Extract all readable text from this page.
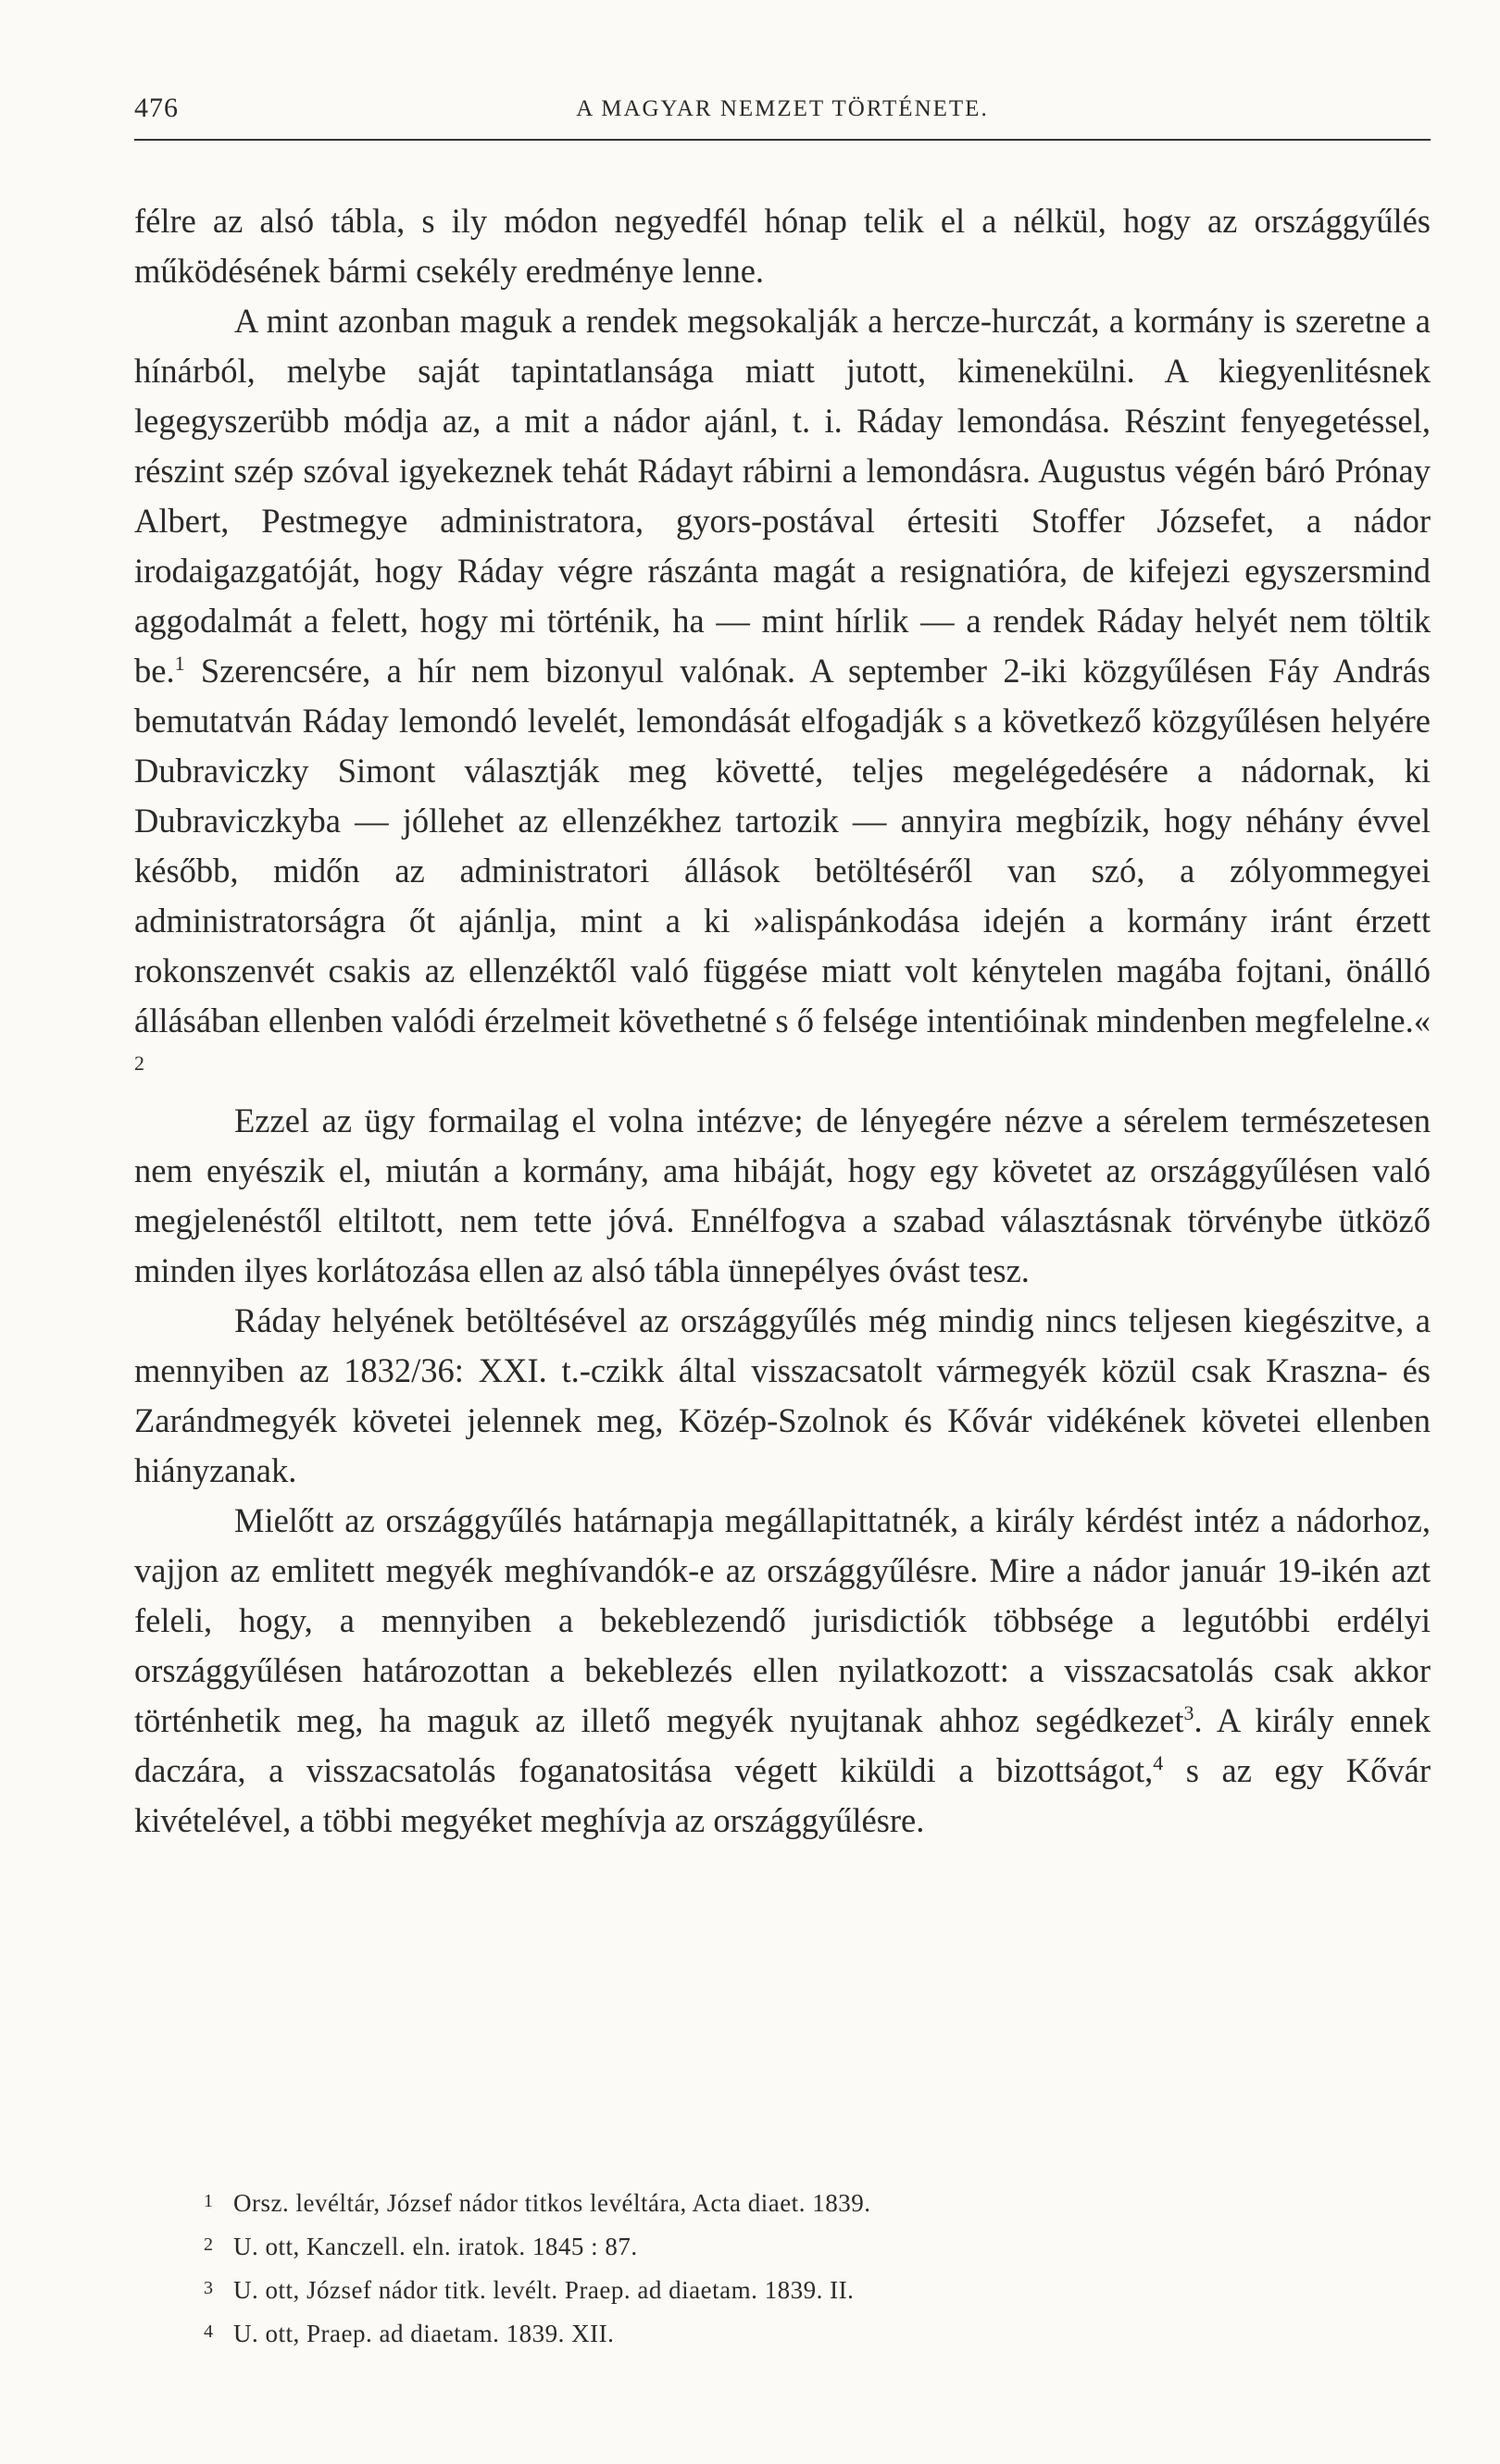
476	A MAGYAR NEMZET TÖRTÉNETE.

félre az alsó tábla, s ily módon negyedfél hónap telik el a nélkül, hogy az országgyűlés működésének bármi csekély eredménye lenne.

A mint azonban maguk a rendek megsokalják a hercze-hurczát, a kormány is szeretne a hínárból, melybe saját tapintatlansága miatt jutott, kimenekülni. A kiegyenlitésnek legegyszerübb módja az, a mit a nádor ajánl, t. i. Ráday lemondása. Részint fenyegetéssel, részint szép szóval igyekeznek tehát Rádayt rábirni a lemondásra. Augustus végén báró Prónay Albert, Pestmegye administratora, gyors-postával értesiti Stoffer Józsefet, a nádor irodaigazgatóját, hogy Ráday végre rászánta magát a resignatióra, de kifejezi egyszersmind aggodalmát a felett, hogy mi történik, ha — mint hírlik — a rendek Ráday helyét nem töltik be.$^1$ Szerencsére, a hír nem bizonyul valónak. A september 2-iki közgyűlésen Fáy András bemutatván Ráday lemondó levelét, lemondását elfogadják s a következő közgyűlésen helyére Dubraviczky Simont választják meg követté, teljes megelégedésére a nádornak, ki Dubraviczkyba — jóllehet az ellenzékhez tartozik — annyira megbízik, hogy néhány évvel később, midőn az administratori állások betöltéséről van szó, a zólyommegyei administratorságra őt ajánlja, mint a ki »alispánkodása idején a kormány iránt érzett rokonszenvét csakis az ellenzéktől való függése miatt volt kénytelen magába fojtani, önálló állásában ellenben valódi érzelmeit követhetné s ő felsége intentióinak mindenben megfelelne.« $^2$

Ezzel az ügy formailag el volna intézve; de lényegére nézve a sérelem természetesen nem enyészik el, miután a kormány, ama hibáját, hogy egy követet az országgyűlésen való megjelenéstől eltiltott, nem tette jóvá. Ennélfogva a szabad választásnak törvénybe ütköző minden ilyes korlátozása ellen az alsó tábla ünnepélyes óvást tesz.

Ráday helyének betöltésével az országgyűlés még mindig nincs teljesen kiegészitve, a mennyiben az 1832/36: XXI. t.-czikk által visszacsatolt vármegyék közül csak Kraszna- és Zarándmegyék követei jelennek meg, Közép-Szolnok és Kővár vidékének követei ellenben hiányzanak.

Mielőtt az országgyűlés határnapja megállapittatnék, a király kérdést intéz a nádorhoz, vajjon az emlitett megyék meghívandók-e az országgyűlésre. Mire a nádor január 19-ikén azt feleli, hogy, a mennyiben a bekeblezendő jurisdictiók többsége a legutóbbi erdélyi országgyűlésen határozottan a bekeblezés ellen nyilatkozott: a visszacsatolás csak akkor történhetik meg, ha maguk az illető megyék nyujtanak ahhoz segédkezet$^3$. A király ennek daczára, a visszacsatolás foganatositása végett kiküldi a bizottságot,$^4$ s az egy Kővár kivételével, a többi megyéket meghívja az országgyűlésre.

1 Orsz. levéltár, József nádor titkos levéltára, Acta diaet. 1839.
2 U. ott, Kanczell. eln. iratok. 1845 : 87.
3 U. ott, József nádor titk. levélt. Praep. ad diaetam. 1839. II.
4 U. ott, Praep. ad diaetam. 1839. XII.
